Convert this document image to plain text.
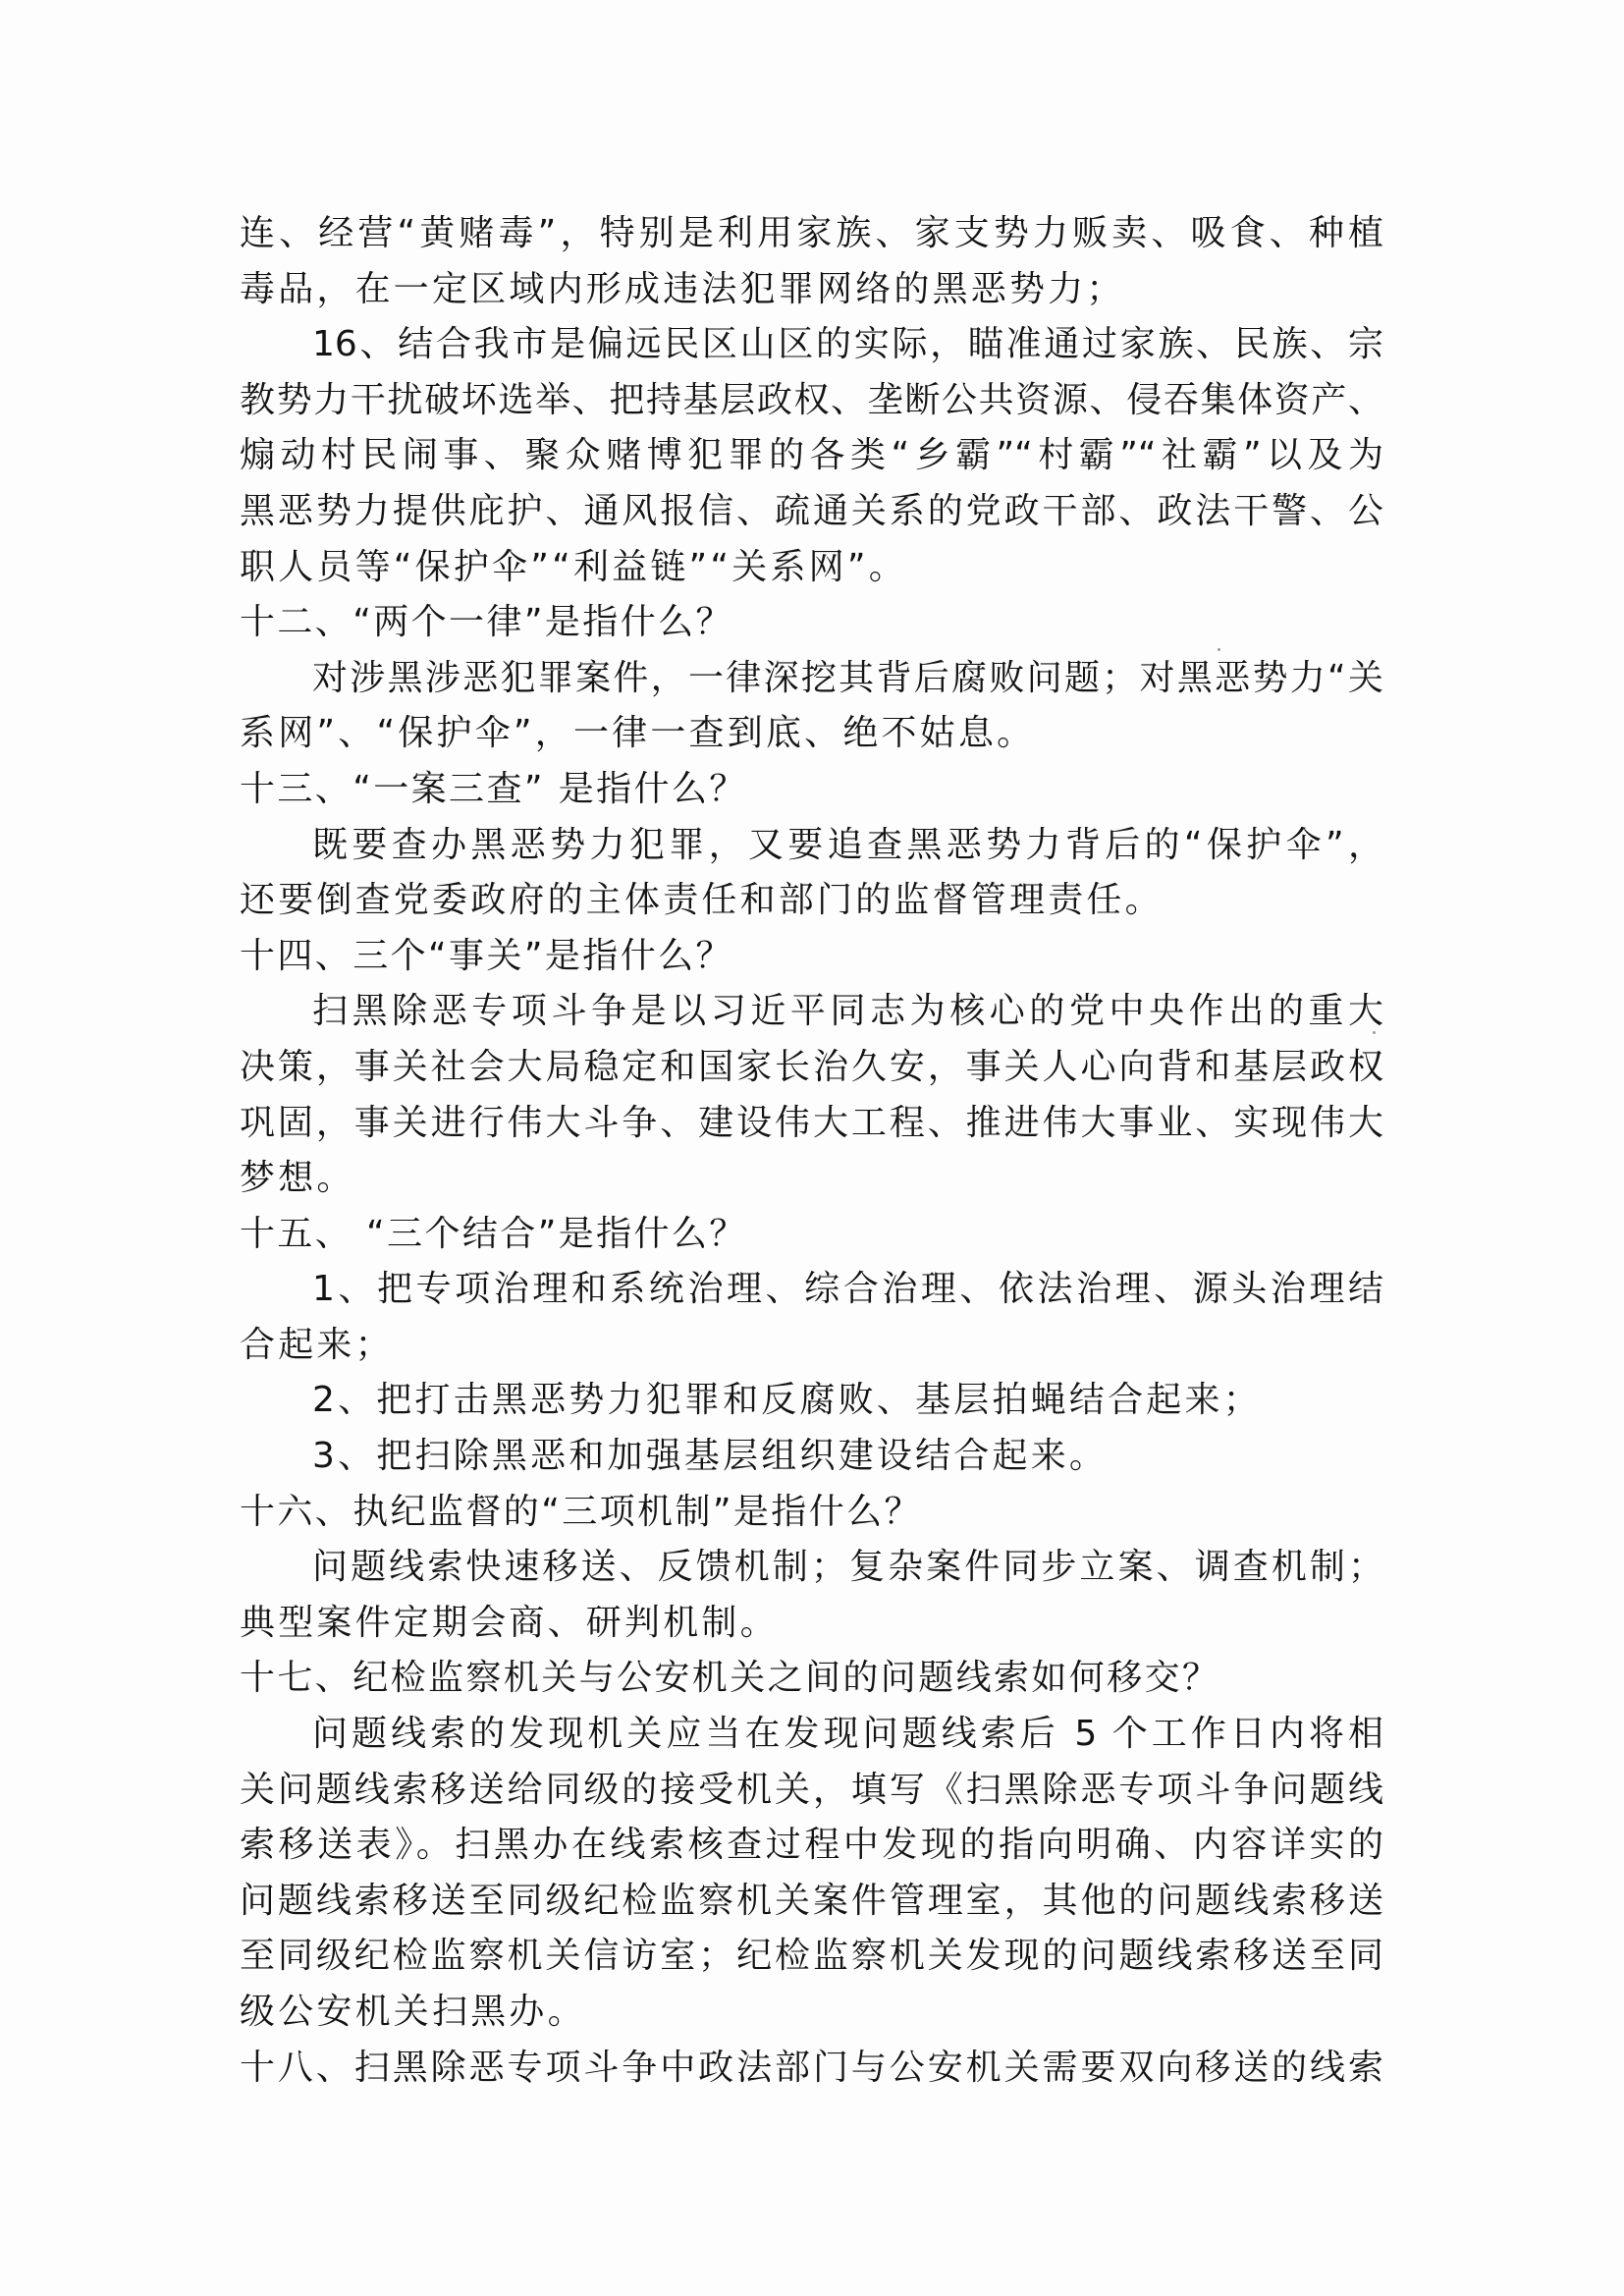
连、经营“黄赌毒”，特别是利用家族、家支势力贩卖、吸食、种植
毒品，在一定区域内形成违法犯罪网络的黑恶势力；
16、结合我市是偏远民区山区的实际，瞄准通过家族、民族、宗
教势力干扰破坏选举、把持基层政权、垄断公共资源、侵吞集体资产、
煽动村民闹事、聚众赌博犯罪的各类“乡霸”“村霸”“社霸”以及为
黑恶势力提供庇护、通风报信、疏通关系的党政干部、政法干警、公
职人员等“保护伞”“利益链”“关系网”。
十二、“两个一律”是指什么？
对涉黑涉恶犯罪案件，一律深挖其背后腐败问题；对黑恶势力“关
系网”、“保护伞”，一律一查到底、绝不姑息。
十三、“一案三查” 是指什么？
既要查办黑恶势力犯罪，又要追查黑恶势力背后的“保护伞”，
还要倒查党委政府的主体责任和部门的监督管理责任。
十四、三个“事关”是指什么？
扫黑除恶专项斗争是以习近平同志为核心的党中央作出的重大
决策，事关社会大局稳定和国家长治久安，事关人心向背和基层政权
巩固，事关进行伟大斗争、建设伟大工程、推进伟大事业、实现伟大
梦想。
十五、 “三个结合”是指什么？
1、把专项治理和系统治理、综合治理、依法治理、源头治理结
合起来；
2、把打击黑恶势力犯罪和反腐败、基层拍蝇结合起来；
3、把扫除黑恶和加强基层组织建设结合起来。
十六、执纪监督的“三项机制”是指什么？
问题线索快速移送、反馈机制；复杂案件同步立案、调查机制；
典型案件定期会商、研判机制。
十七、纪检监察机关与公安机关之间的问题线索如何移交？
问题线索的发现机关应当在发现问题线索后 5 个工作日内将相
关问题线索移送给同级的接受机关，填写《扫黑除恶专项斗争问题线
索移送表》。扫黑办在线索核查过程中发现的指向明确、内容详实的
问题线索移送至同级纪检监察机关案件管理室，其他的问题线索移送
至同级纪检监察机关信访室；纪检监察机关发现的问题线索移送至同
级公安机关扫黑办。
十八、扫黑除恶专项斗争中政法部门与公安机关需要双向移送的线索
